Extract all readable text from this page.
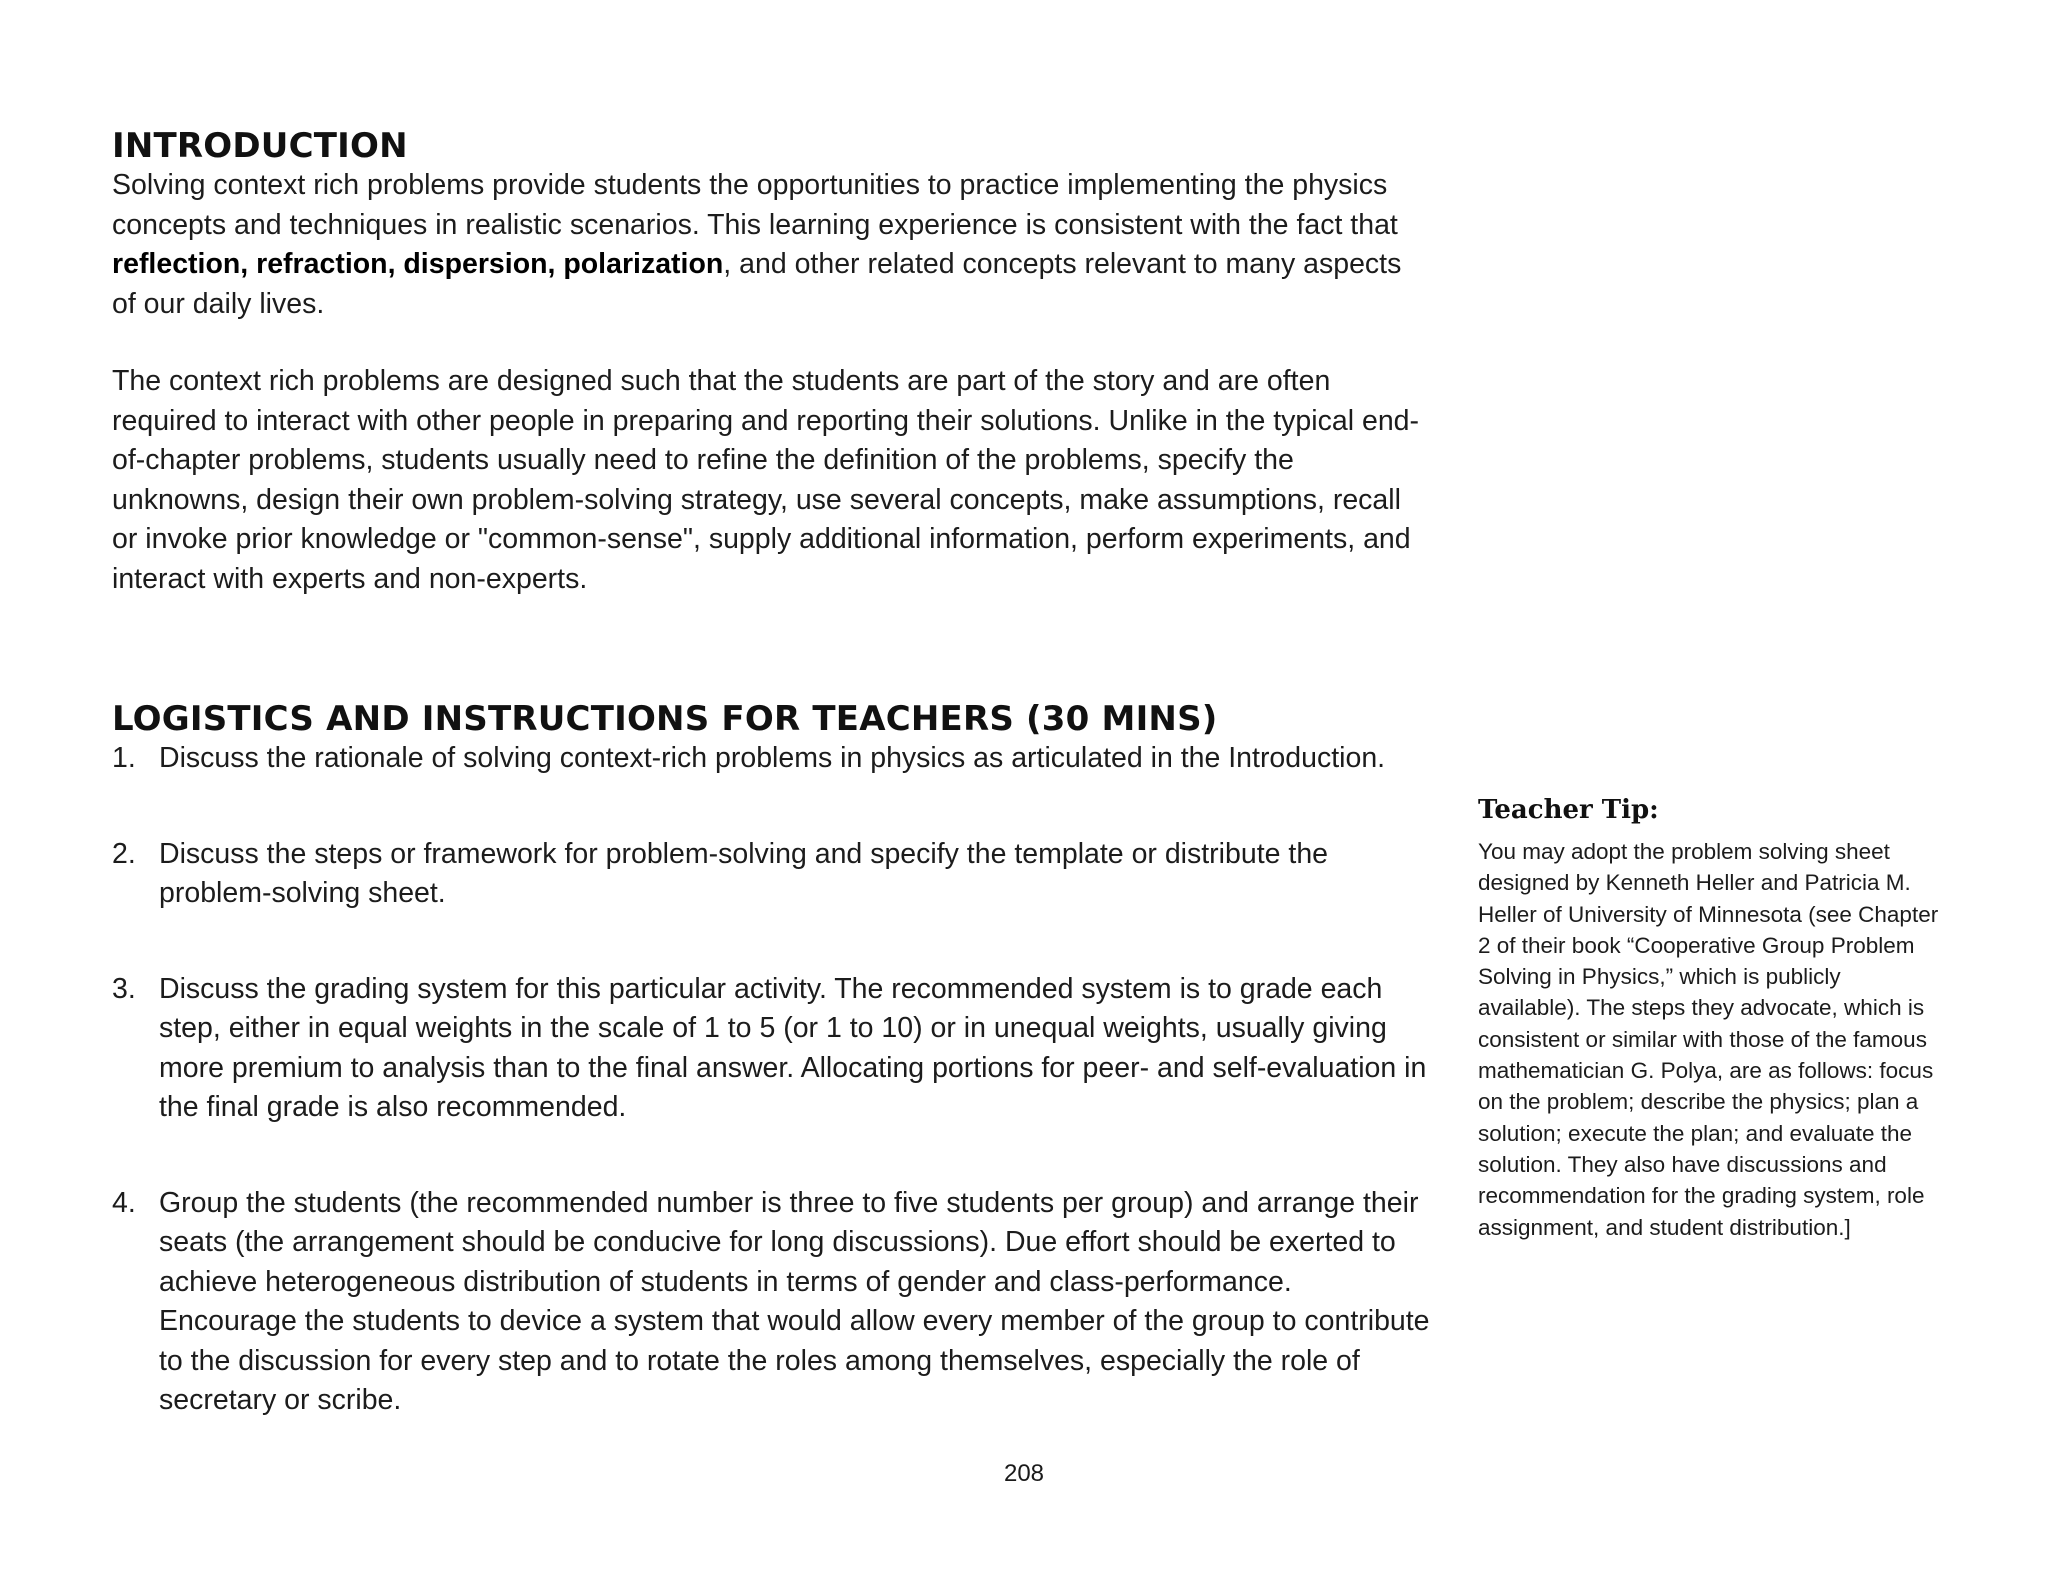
INTRODUCTION

Solving context rich problems provide students the opportunities to practice implementing the physics concepts and techniques in realistic scenarios. This learning experience is consistent with the fact that reflection, refraction, dispersion, polarization, and other related concepts relevant to many aspects of our daily lives.

The context rich problems are designed such that the students are part of the story and are often required to interact with other people in preparing and reporting their solutions. Unlike in the typical end-of-chapter problems, students usually need to refine the definition of the problems, specify the unknowns, design their own problem-solving strategy, use several concepts, make assumptions, recall or invoke prior knowledge or "common-sense", supply additional information, perform experiments, and interact with experts and non-experts.

LOGISTICS AND INSTRUCTIONS FOR TEACHERS (30 MINS)
1. Discuss the rationale of solving context-rich problems in physics as articulated in the Introduction.
2. Discuss the steps or framework for problem-solving and specify the template or distribute the problem-solving sheet.
3. Discuss the grading system for this particular activity. The recommended system is to grade each step, either in equal weights in the scale of 1 to 5 (or 1 to 10) or in unequal weights, usually giving more premium to analysis than to the final answer. Allocating portions for peer- and self-evaluation in the final grade is also recommended.
4. Group the students (the recommended number is three to five students per group) and arrange their seats (the arrangement should be conducive for long discussions). Due effort should be exerted to achieve heterogeneous distribution of students in terms of gender and class-performance. Encourage the students to device a system that would allow every member of the group to contribute to the discussion for every step and to rotate the roles among themselves, especially the role of secretary or scribe.
Teacher Tip:

You may adopt the problem solving sheet designed by Kenneth Heller and Patricia M. Heller of University of Minnesota (see Chapter 2 of their book “Cooperative Group Problem Solving in Physics,” which is publicly available). The steps they advocate, which is consistent or similar with those of the famous mathematician G. Polya, are as follows: focus on the problem; describe the physics; plan a solution; execute the plan; and evaluate the solution. They also have discussions and recommendation for the grading system, role assignment, and student distribution.]

208
